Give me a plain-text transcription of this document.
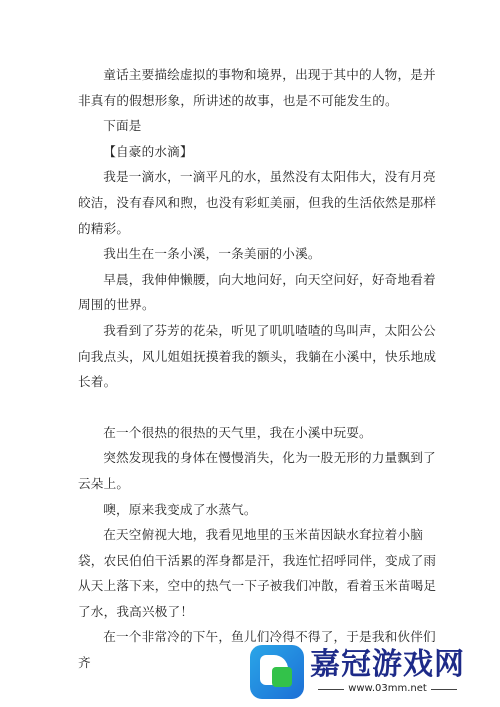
童话主要描绘虚拟的事物和境界，出现于其中的人物，是并非真有的假想形象，所讲述的故事，也是不可能发生的。

下面是

【自豪的水滴】

我是一滴水，一滴平凡的水，虽然没有太阳伟大，没有月亮皎洁，没有春风和煦，也没有彩虹美丽，但我的生活依然是那样的精彩。

我出生在一条小溪，一条美丽的小溪。

早晨，我伸伸懒腰，向大地问好，向天空问好，好奇地看着周围的世界。

我看到了芬芳的花朵，听见了叽叽喳喳的鸟叫声，太阳公公向我点头，风儿姐姐抚摸着我的额头，我躺在小溪中，快乐地成长着。

在一个很热的很热的天气里，我在小溪中玩耍。

突然发现我的身体在慢慢消失，化为一股无形的力量飘到了云朵上。

噢，原来我变成了水蒸气。

在天空俯视大地，我看见地里的玉米苗因缺水耷拉着小脑袋，农民伯伯干活累的浑身都是汗，我连忙招呼同伴，变成了雨从天上落下来，空中的热气一下子被我们冲散，看着玉米苗喝足了水，我高兴极了！

在一个非常冷的下午，鱼儿们冷得不得了，于是我和伙伴们齐	嘉冠游戏网
www.03mm.net
